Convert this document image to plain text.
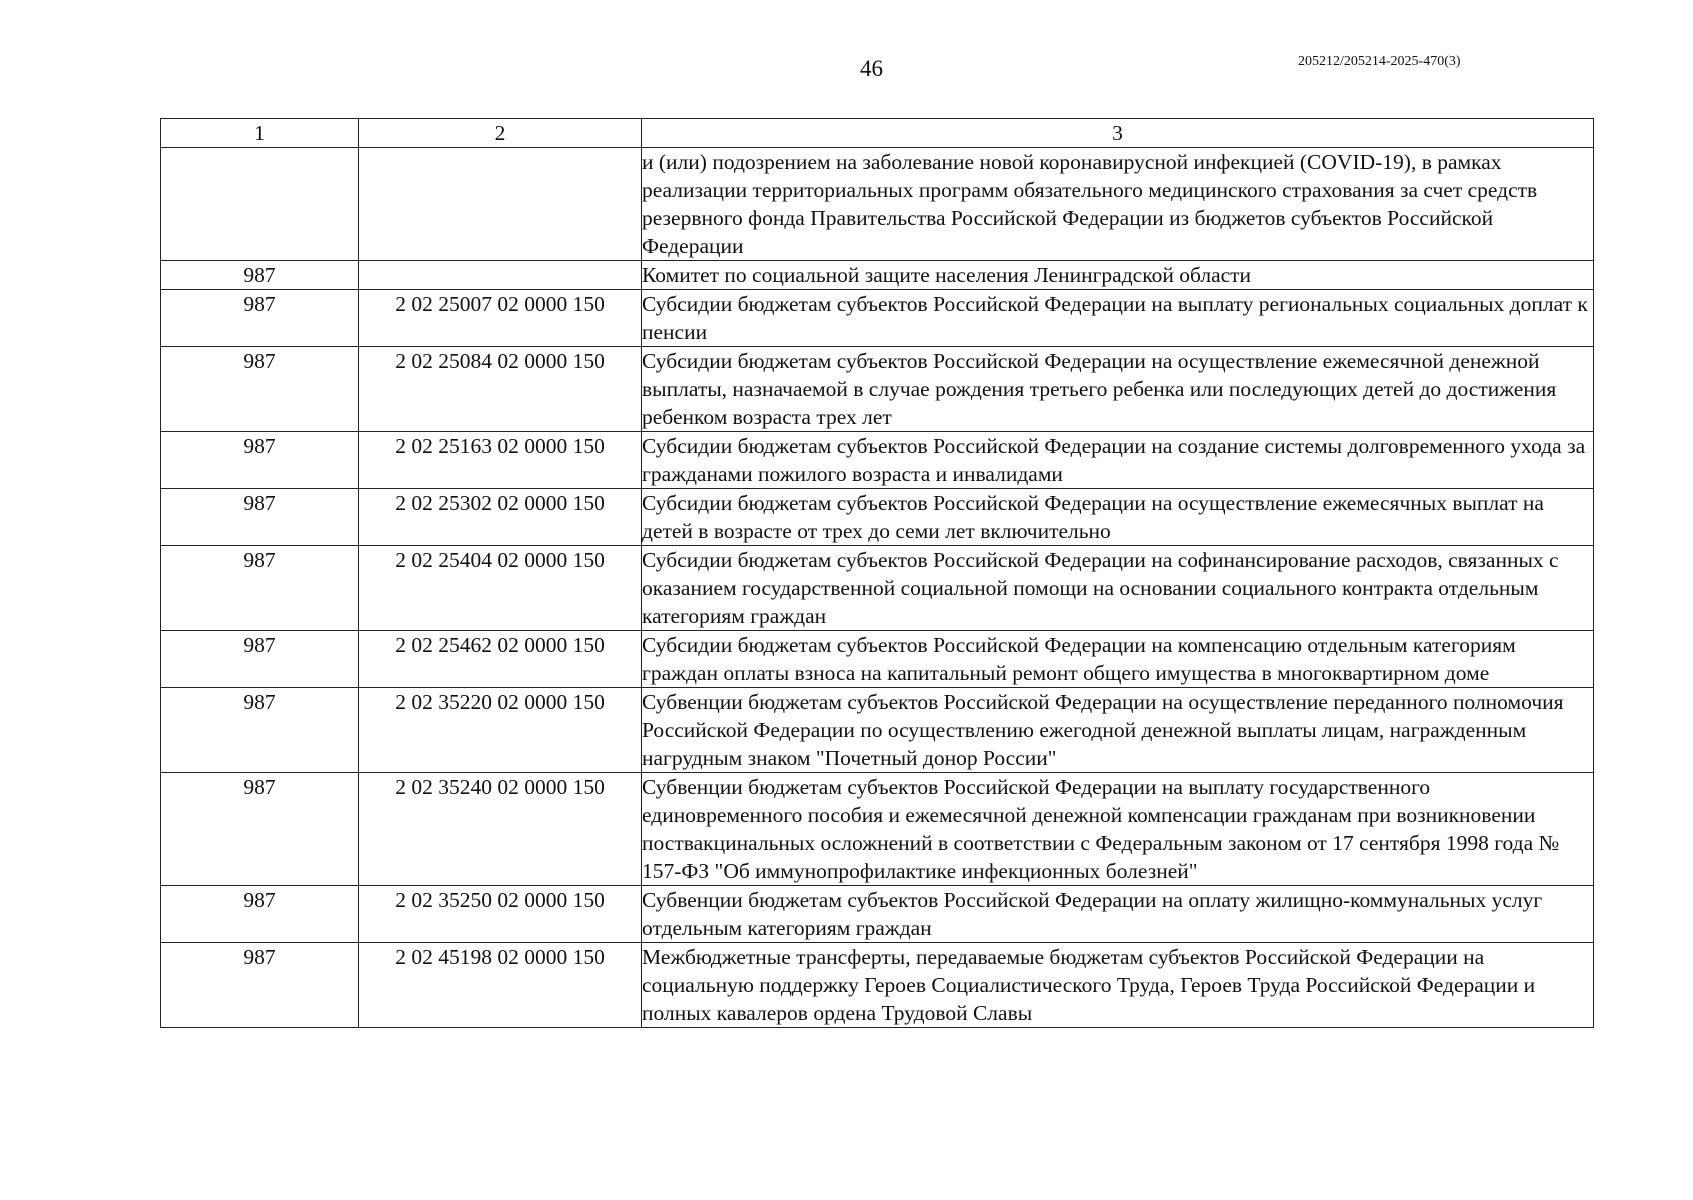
46	205212/205214-2025-470(3)
1	2	3
		и (или) подозрением на заболевание новой коронавирусной инфекцией (COVID-19), в рамках реализации территориальных программ обязательного медицинского страхования за счет средств резервного фонда Правительства Российской Федерации из бюджетов субъектов Российской Федерации
987		Комитет по социальной защите населения Ленинградской области
987	2 02 25007 02 0000 150	Субсидии бюджетам субъектов Российской Федерации на выплату региональных социальных доплат к пенсии
987	2 02 25084 02 0000 150	Субсидии бюджетам субъектов Российской Федерации на осуществление ежемесячной денежной выплаты, назначаемой в случае рождения третьего ребенка или последующих детей до достижения ребенком возраста трех лет
987	2 02 25163 02 0000 150	Субсидии бюджетам субъектов Российской Федерации на создание системы долговременного ухода за гражданами пожилого возраста и инвалидами
987	2 02 25302 02 0000 150	Субсидии бюджетам субъектов Российской Федерации на осуществление ежемесячных выплат на детей в возрасте от трех до семи лет включительно
987	2 02 25404 02 0000 150	Субсидии бюджетам субъектов Российской Федерации на софинансирование расходов, связанных с оказанием государственной социальной помощи на основании социального контракта отдельным категориям граждан
987	2 02 25462 02 0000 150	Субсидии бюджетам субъектов Российской Федерации на компенсацию отдельным категориям граждан оплаты взноса на капитальный ремонт общего имущества в многоквартирном доме
987	2 02 35220 02 0000 150	Субвенции бюджетам субъектов Российской Федерации на осуществление переданного полномочия Российской Федерации по осуществлению ежегодной денежной выплаты лицам, награжденным нагрудным знаком "Почетный донор России"
987	2 02 35240 02 0000 150	Субвенции бюджетам субъектов Российской Федерации на выплату государственного единовременного пособия и ежемесячной денежной компенсации гражданам при возникновении поствакцинальных осложнений в соответствии с Федеральным законом от 17 сентября 1998 года № 157-ФЗ "Об иммунопрофилактике инфекционных болезней"
987	2 02 35250 02 0000 150	Субвенции бюджетам субъектов Российской Федерации на оплату жилищно-коммунальных услуг отдельным категориям граждан
987	2 02 45198 02 0000 150	Межбюджетные трансферты, передаваемые бюджетам субъектов Российской Федерации на социальную поддержку Героев Социалистического Труда, Героев Труда Российской Федерации и полных кавалеров ордена Трудовой Славы
